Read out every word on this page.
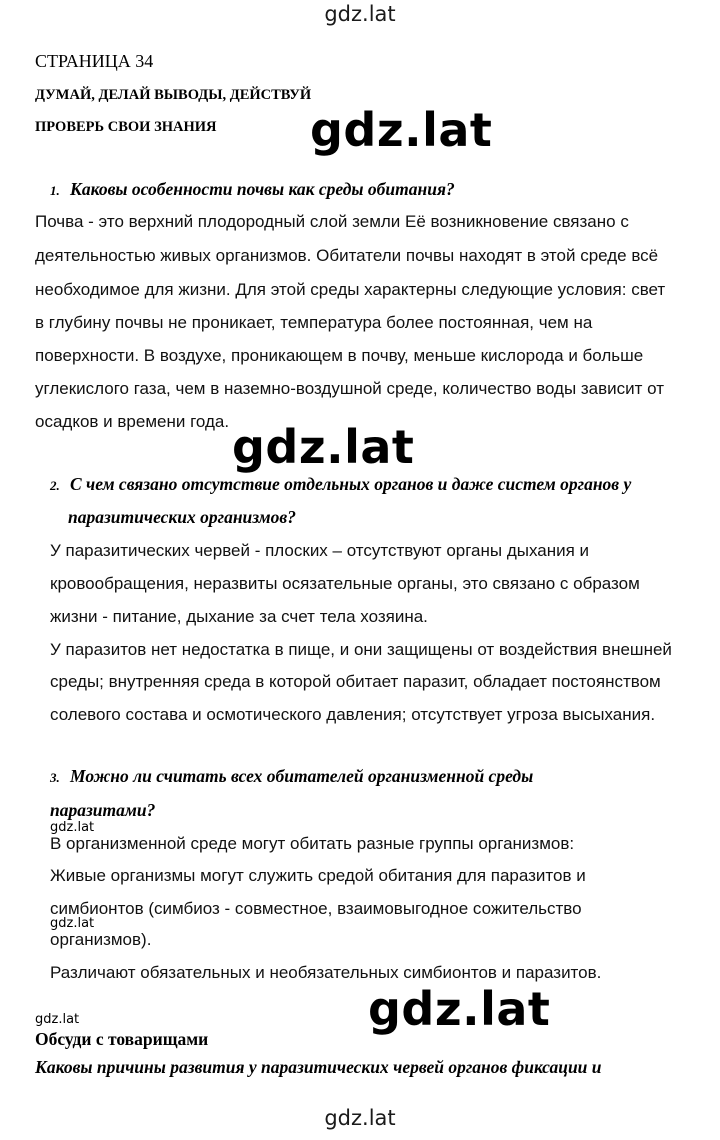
gdz.lat
gdz.lat
gdz.lat
gdz.lat
gdz.lat
gdz.lat
gdz.lat
gdz.lat
СТРАНИЦА 34
ДУМАЙ, ДЕЛАЙ ВЫВОДЫ, ДЕЙСТВУЙ
ПРОВЕРЬ СВОИ ЗНАНИЯ
1. Каковы особенности почвы как среды обитания?
Почва - это верхний плодородный слой земли Её возникновение связано с
деятельностью живых организмов. Обитатели почвы находят в этой среде всё
необходимое для жизни. Для этой среды характерны следующие условия: свет
в глубину почвы не проникает, температура более постоянная, чем на
поверхности. В воздухе, проникающем в почву, меньше кислорода и больше
углекислого газа, чем в наземно-воздушной среде, количество воды зависит от
осадков и времени года.
2. С чем связано отсутствие отдельных органов и даже систем органов у
паразитических организмов?
У паразитических червей - плоских – отсутствуют органы дыхания и
кровообращения, неразвиты осязательные органы, это связано с образом
жизни - питание, дыхание за счет тела хозяина.
У паразитов нет недостатка в пище, и они защищены от воздействия внешней
среды; внутренняя среда в которой обитает паразит, обладает постоянством
солевого состава и осмотического давления; отсутствует угроза высыхания.
3. Можно ли считать всех обитателей организменной среды
паразитами?
В организменной среде могут обитать разные группы организмов:
Живые организмы могут служить средой обитания для паразитов и
симбионтов (симбиоз - совместное, взаимовыгодное сожительство
организмов).
Различают обязательных и необязательных симбионтов и паразитов.
Обсуди с товарищами
Каковы причины развития у паразитических червей органов фиксации и
